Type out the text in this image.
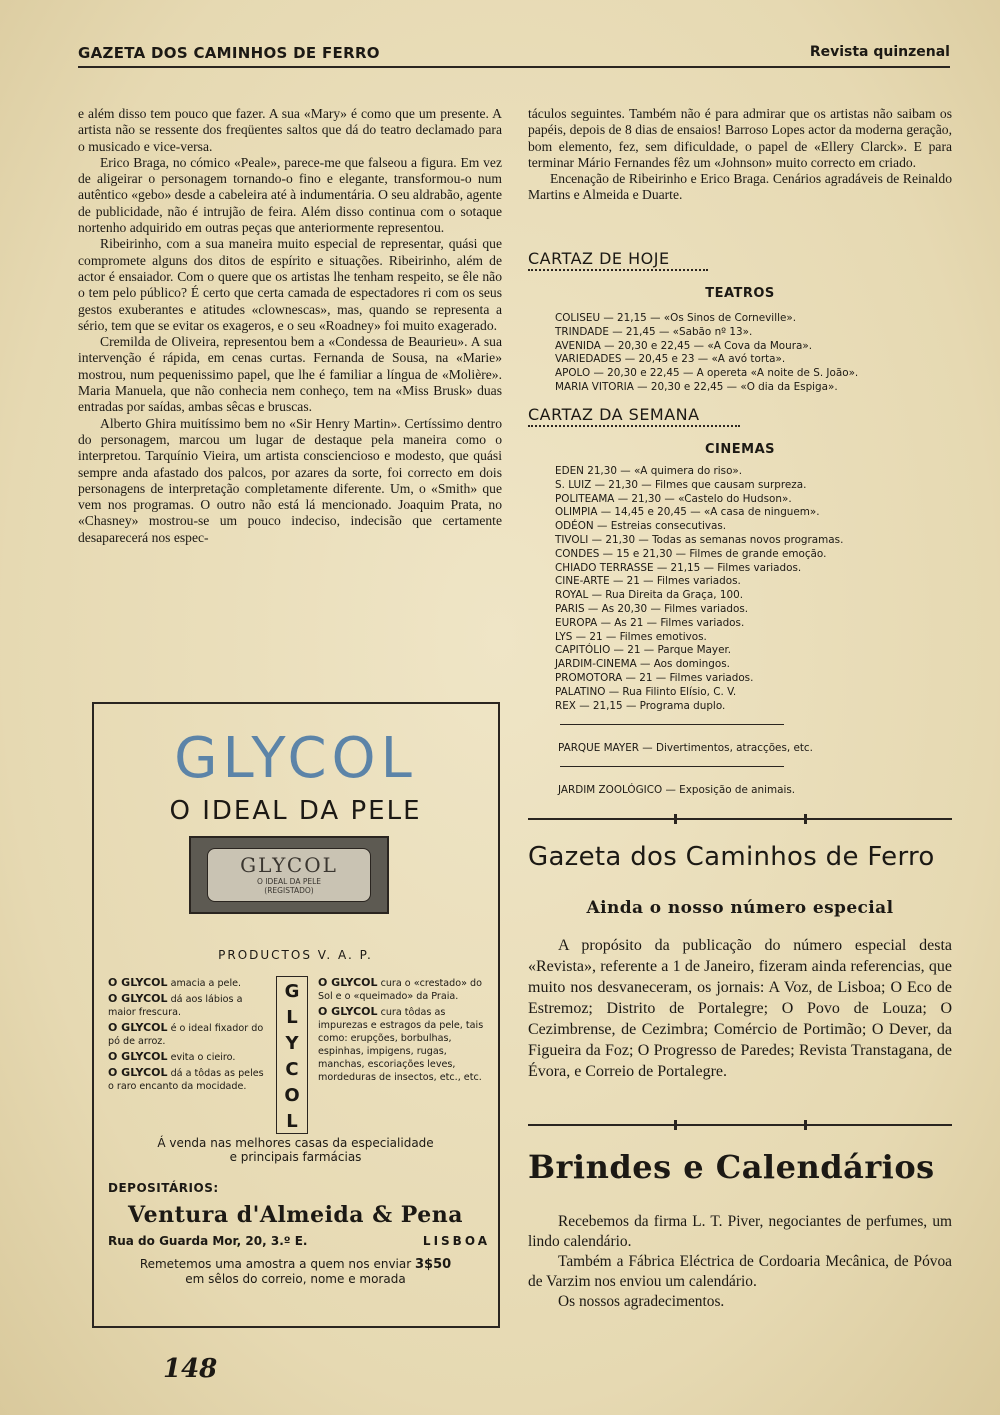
GAZETA DOS CAMINHOS DE FERRO	Revista quinzenal

e além disso tem pouco que fazer. A sua «Mary» é como que um presente. A artista não se ressente dos freqüentes saltos que dá do teatro declamado para o musicado e vice-versa.

Erico Braga, no cómico «Peale», parece-me que falseou a figura. Em vez de aligeirar o personagem tornando-o fino e elegante, transformou-o num autêntico «gebo» desde a cabeleira até à indumentária. O seu aldrabão, agente de publicidade, não é intrujão de feira. Além disso continua com o sotaque nortenho adquirido em outras peças que anteriormente representou.

Ribeirinho, com a sua maneira muito especial de representar, quási que compromete alguns dos ditos de espírito e situações. Ribeirinho, além de actor é ensaiador. Com o quere que os artistas lhe tenham respeito, se êle não o tem pelo público? É certo que certa camada de espectadores ri com os seus gestos exuberantes e atitudes «clownescas», mas, quando se representa a sério, tem que se evitar os exageros, e o seu «Roadney» foi muito exagerado.

Cremilda de Oliveira, representou bem a «Condessa de Beaurieu». A sua intervenção é rápida, em cenas curtas. Fernanda de Sousa, na «Marie» mostrou, num pequenissimo papel, que lhe é familiar a língua de «Molière». Maria Manuela, que não conhecia nem conheço, tem na «Miss Brusk» duas entradas por saídas, ambas sêcas e bruscas.

Alberto Ghira muitíssimo bem no «Sir Henry Martin». Certíssimo dentro do personagem, marcou um lugar de destaque pela maneira como o interpretou. Tarquínio Vieira, um artista consciencioso e modesto, que quási sempre anda afastado dos palcos, por azares da sorte, foi correcto em dois personagens de interpretação completamente diferente. Um, o «Smith» que vem nos programas. O outro não está lá mencionado. Joaquim Prata, no «Chasney» mostrou-se um pouco indeciso, indecisão que certamente desaparecerá nos espec-

táculos seguintes. Também não é para admirar que os artistas não saibam os papéis, depois de 8 dias de ensaios! Barroso Lopes actor da moderna geração, bom elemento, fez, sem dificuldade, o papel de «Ellery Clarck». E para terminar Mário Fernandes fêz um «Johnson» muito correcto em criado.

Encenação de Ribeirinho e Erico Braga. Cenários agradáveis de Reinaldo Martins e Almeida e Duarte.

CARTAZ DE HOJE
TEATROS
COLISEU — 21,15 — «Os Sinos de Corneville».
TRINDADE — 21,45 — «Sabão nº 13».
AVENIDA — 20,30 e 22,45 — «A Cova da Moura».
VARIEDADES — 20,45 e 23 — «A avó torta».
APOLO — 20,30 e 22,45 — A opereta «A noite de S. João».
MARIA VITORIA — 20,30 e 22,45 — «O dia da Espiga».
CARTAZ DA SEMANA
CINEMAS
EDEN 21,30 — «A quimera do riso».
S. LUIZ — 21,30 — Filmes que causam surpreza.
POLITEAMA — 21,30 — «Castelo do Hudson».
OLIMPIA — 14,45 e 20,45 — «A casa de ninguem».
ODÉON — Estreias consecutivas.
TIVOLI — 21,30 — Todas as semanas novos programas.
CONDES — 15 e 21,30 — Filmes de grande emoção.
CHIADO TERRASSE — 21,15 — Filmes variados.
CINE-ARTE — 21 — Filmes variados.
ROYAL — Rua Direita da Graça, 100.
PARIS — As 20,30 — Filmes variados.
EUROPA — As 21 — Filmes variados.
LYS — 21 — Filmes emotivos.
CAPITÓLIO — 21 — Parque Mayer.
JARDIM-CINEMA — Aos domingos.
PROMOTORA — 21 — Filmes variados.
PALATINO — Rua Filinto Elísio, C. V.
REX — 21,15 — Programa duplo.
PARQUE MAYER — Divertimentos, atracções, etc.
JARDIM ZOOLÓGICO — Exposição de animais.
Gazeta dos Caminhos de Ferro
Ainda o nosso número especial

A propósito da publicação do número especial desta «Revista», referente a 1 de Janeiro, fizeram ainda referencias, que muito nos desvaneceram, os jornais: A Voz, de Lisboa; O Eco de Estremoz; Distrito de Portalegre; O Povo de Louza; O Cezimbrense, de Cezimbra; Comércio de Portimão; O Dever, da Figueira da Foz; O Progresso de Paredes; Revista Transtagana, de Évora, e Correio de Portalegre.

Brindes e Calendários

Recebemos da firma L. T. Piver, negociantes de perfumes, um lindo calendário.

Também a Fábrica Eléctrica de Cordoaria Mecânica, de Póvoa de Varzim nos enviou um calendário.

Os nossos agradecimentos.

GLYCOL
O IDEAL DA PELE
GLYCOL
O IDEAL DA PELE
(REGISTADO)
PRODUCTOS V. A. P.
O GLYCOL amacia a pele.
O GLYCOL dá aos lábios a maior frescura.
O GLYCOL é o ideal fixador do pó de arroz.
O GLYCOL evita o cieiro.
O GLYCOL dá a tôdas as peles o raro encanto da mocidade.
G
L
Y
C
O
L
O GLYCOL cura o «crestado» do Sol e o «queimado» da Praia.
O GLYCOL cura tôdas as impurezas e estragos da pele, tais como: erupções, borbulhas, espinhas, impigens, rugas, manchas, escoriações leves, mordeduras de insectos, etc., etc.
Á venda nas melhores casas da especialidade
e principais farmácias
DEPOSITÁRIOS:
Ventura d'Almeida & Pena
Rua do Guarda Mor, 20, 3.º E.	LISBOA
Remetemos uma amostra a quem nos enviar 3$50
em sêlos do correio, nome e morada
148
